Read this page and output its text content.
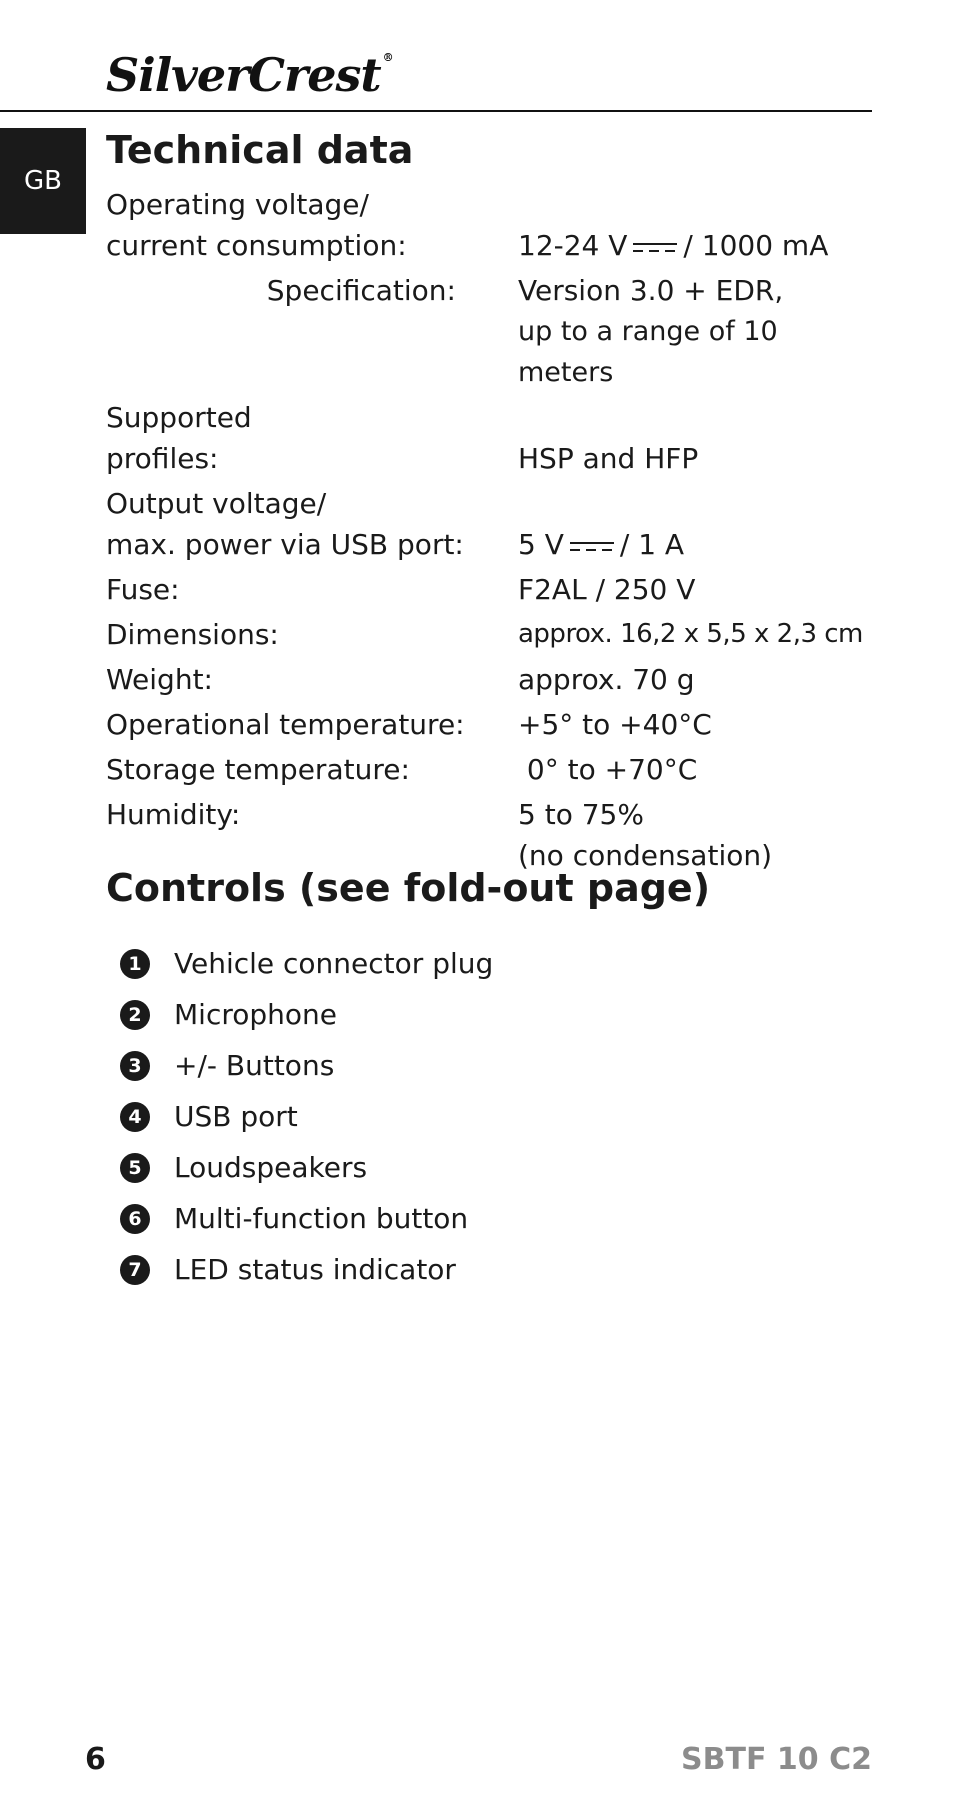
SilverCrest ®
GB
Technical data
Operating voltage/
current consumption:	12-24 V / 1000 mA
Specification: Version 3.0 + EDR,
up to a range of 10 meters
Supported
profiles:	HSP and HFP
Output voltage/
max. power via USB port:	5 V / 1 A
Fuse:	F2AL / 250 V
Dimensions:	approx. 16,2 x 5,5 x 2,3 cm
Weight:	approx. 70 g
Operational temperature:	+5° to +40°C
Storage temperature:	0° to +70°C
Humidity:	5 to 75%
(no condensation)
Controls (see fold-out page)
1 Vehicle connector plug
2 Microphone
3 +/- Buttons
4 USB port
5 Loudspeakers
6 Multi-function button
7 LED status indicator
6	SBTF 10 C2
